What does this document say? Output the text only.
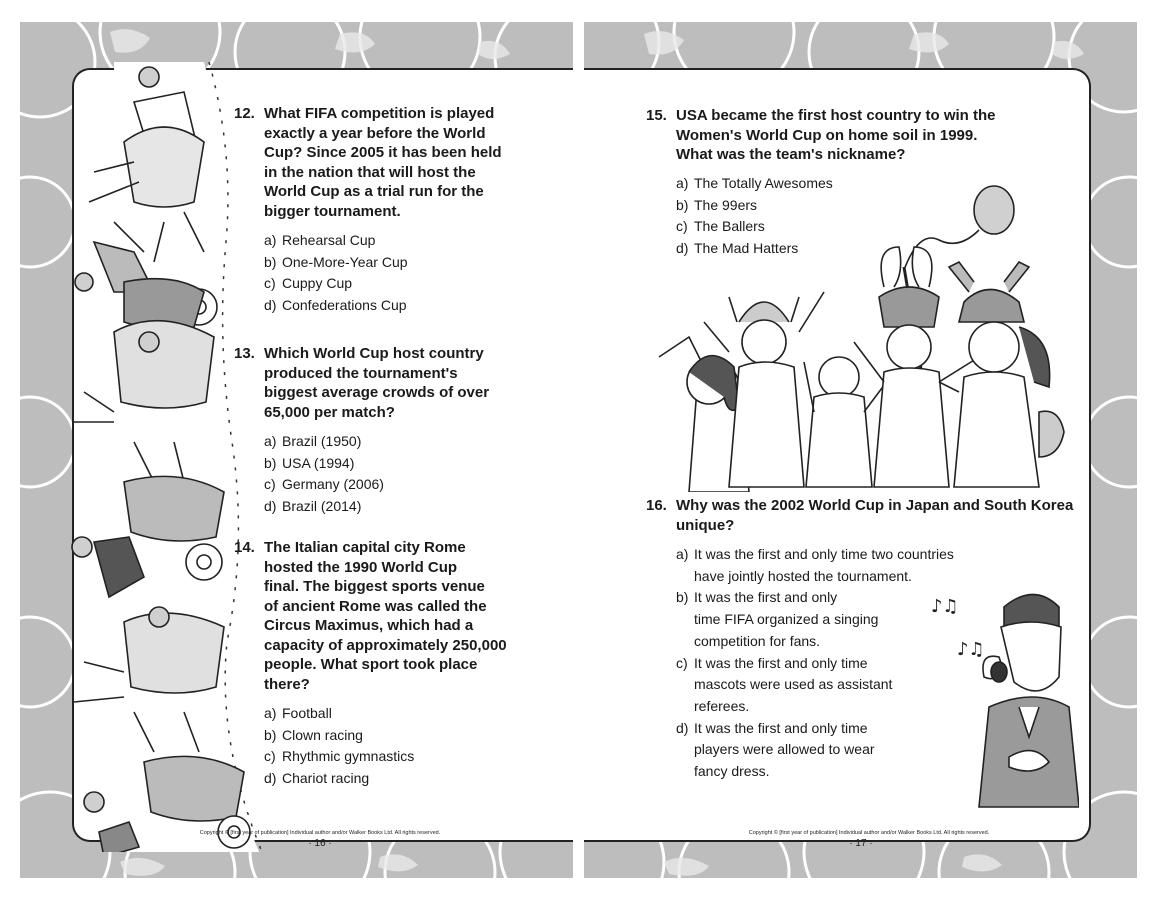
12. What FIFA competition is played
exactly a year before the World
Cup? Since 2005 it has been held
in the nation that will host the
World Cup as a trial run for the
bigger tournament.
a) Rehearsal Cup
b) One-More-Year Cup
c) Cuppy Cup
d) Confederations Cup
13. Which World Cup host country
produced the tournament's
biggest average crowds of over
65,000 per match?
a) Brazil (1950)
b) USA (1994)
c) Germany (2006)
d) Brazil (2014)
14. The Italian capital city Rome
hosted the 1990 World Cup
final. The biggest sports venue
of ancient Rome was called the
Circus Maximus, which had a
capacity of approximately 250,000
people. What sport took place
there?
a) Football
b) Clown racing
c) Rhythmic gymnastics
d) Chariot racing
Copyright © [first year of publication] Individual author and/or Walker Books Ltd. All rights reserved.
· 16 ·
15. USA became the first host country to win the
Women's World Cup on home soil in 1999.
What was the team's nickname?
a) The Totally Awesomes
b) The 99ers
c) The Ballers
d) The Mad Hatters
16. Why was the 2002 World Cup in Japan and South Korea
unique?
a) It was the first and only time two countries
have jointly hosted the tournament.
b) It was the first and only
time FIFA organized a singing
competition for fans.
c) It was the first and only time
mascots were used as assistant
referees.
d) It was the first and only time
players were allowed to wear
fancy dress.
♪♫
♪♫
Copyright © [first year of publication] Individual author and/or Walker Books Ltd. All rights reserved.
· 17 ·
